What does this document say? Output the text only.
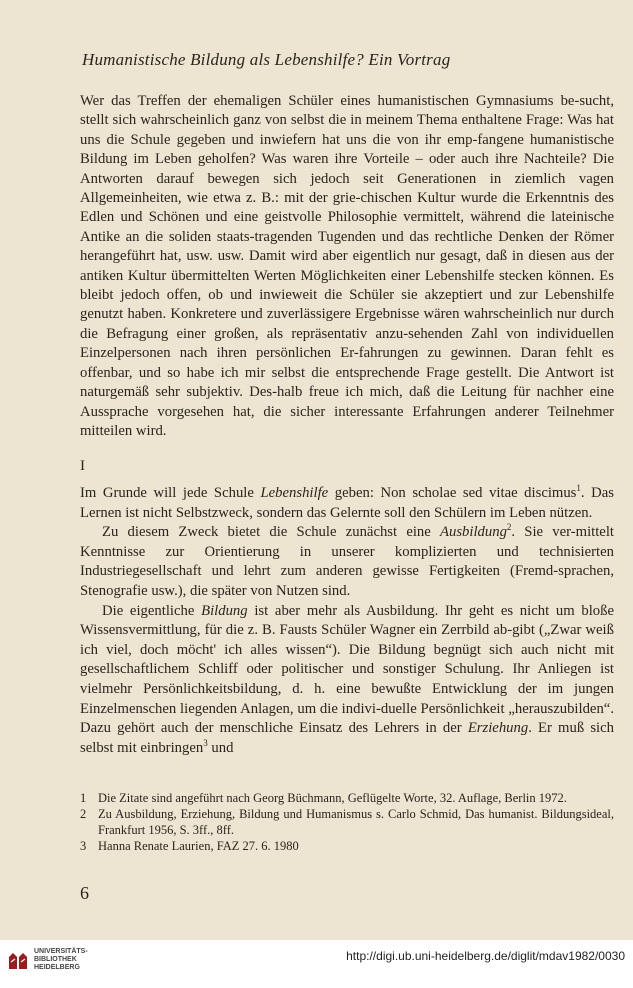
Humanistische Bildung als Lebenshilfe? Ein Vortrag

Wer das Treffen der ehemaligen Schüler eines humanistischen Gymnasiums be-sucht, stellt sich wahrscheinlich ganz von selbst die in meinem Thema enthaltene Frage: Was hat uns die Schule gegeben und inwiefern hat uns die von ihr emp-fangene humanistische Bildung im Leben geholfen? Was waren ihre Vorteile – oder auch ihre Nachteile? Die Antworten darauf bewegen sich jedoch seit Generationen in ziemlich vagen Allgemeinheiten, wie etwa z. B.: mit der grie-chischen Kultur wurde die Erkenntnis des Edlen und Schönen und eine geistvolle Philosophie vermittelt, während die lateinische Antike an die soliden staats-tragenden Tugenden und das rechtliche Denken der Römer herangeführt hat, usw. usw. Damit wird aber eigentlich nur gesagt, daß in diesen aus der antiken Kultur übermittelten Werten Möglichkeiten einer Lebenshilfe stecken können. Es bleibt jedoch offen, ob und inwieweit die Schüler sie akzeptiert und zur Lebenshilfe genutzt haben. Konkretere und zuverlässigere Ergebnisse wären wahrscheinlich nur durch die Befragung einer großen, als repräsentativ anzu-sehenden Zahl von individuellen Einzelpersonen nach ihren persönlichen Er-fahrungen zu gewinnen. Daran fehlt es offenbar, und so habe ich mir selbst die entsprechende Frage gestellt. Die Antwort ist naturgemäß sehr subjektiv. Des-halb freue ich mich, daß die Leitung für nachher eine Aussprache vorgesehen hat, die sicher interessante Erfahrungen anderer Teilnehmer mitteilen wird.

I

Im Grunde will jede Schule Lebenshilfe geben: Non scholae sed vitae discimus$^1$. Das Lernen ist nicht Selbstzweck, sondern das Gelernte soll den Schülern im Leben nützen.

Zu diesem Zweck bietet die Schule zunächst eine Ausbildung$^2$. Sie ver-mittelt Kenntnisse zur Orientierung in unserer komplizierten und technisierten Industriegesellschaft und lehrt zum anderen gewisse Fertigkeiten (Fremd-sprachen, Stenografie usw.), die später von Nutzen sind.

Die eigentliche Bildung ist aber mehr als Ausbildung. Ihr geht es nicht um bloße Wissensvermittlung, für die z. B. Fausts Schüler Wagner ein Zerrbild ab-gibt („Zwar weiß ich viel, doch möcht' ich alles wissen“). Die Bildung begnügt sich auch nicht mit gesellschaftlichem Schliff oder politischer und sonstiger Schulung. Ihr Anliegen ist vielmehr Persönlichkeitsbildung, d. h. eine bewußte Entwicklung der im jungen Einzelmenschen liegenden Anlagen, um die indivi-duelle Persönlichkeit „herauszubilden“. Dazu gehört auch der menschliche Einsatz des Lehrers in der Erziehung. Er muß sich selbst mit einbringen$^3$ und

1 Die Zitate sind angeführt nach Georg Büchmann, Geflügelte Worte, 32. Auflage, Berlin 1972.
2 Zu Ausbildung, Erziehung, Bildung und Humanismus s. Carlo Schmid, Das humanist. Bildungsideal, Frankfurt 1956, S. 3ff., 8ff.
3 Hanna Renate Laurien, FAZ 27. 6. 1980
6
UNIVERSITÄTS-
BIBLIOTHEK
HEIDELBERG
http://digi.ub.uni-heidelberg.de/diglit/mdav1982/0030
